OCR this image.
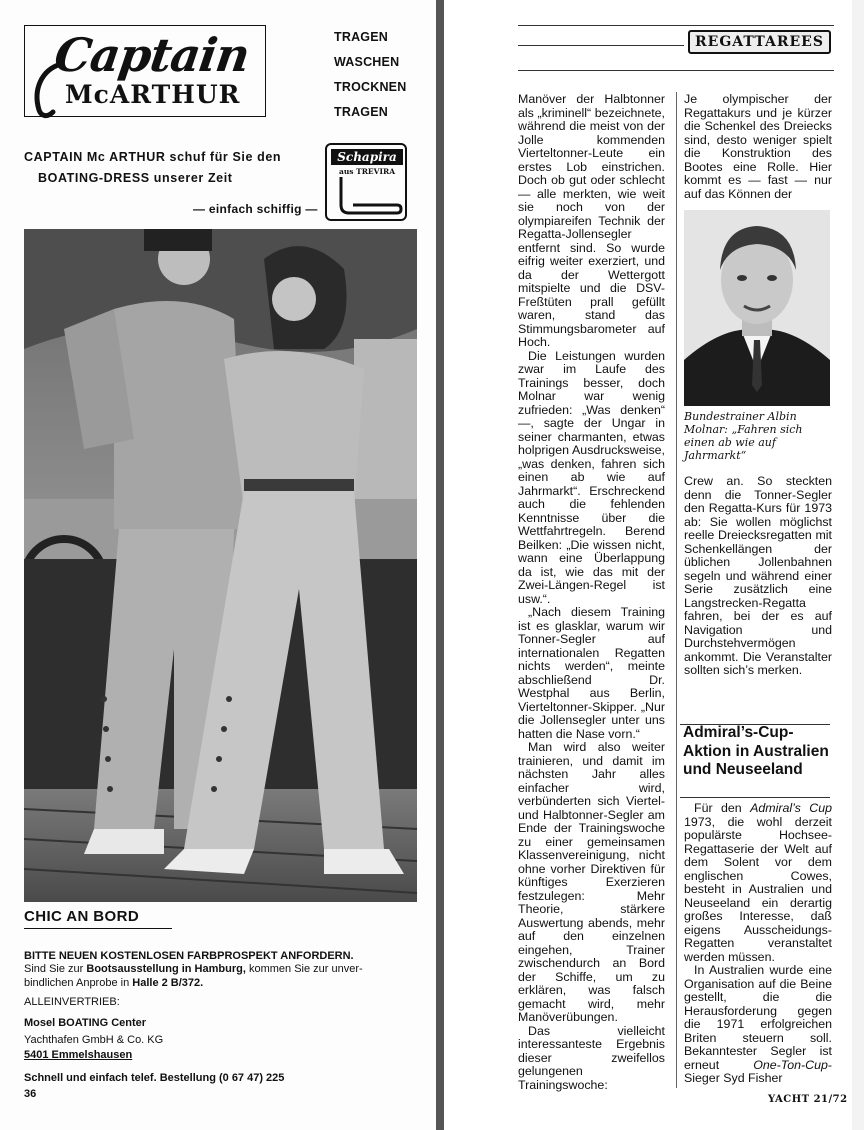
Captain
McARTHUR
TRAGEN
WASCHEN
TROCKNEN
TRAGEN
CAPTAIN Mc ARTHUR schuf für Sie den
BOATING-DRESS unserer Zeit
— einfach schiffig —
Schapira
aus TREVIRA
CHIC AN BORD
BITTE NEUEN KOSTENLOSEN FARBPROSPEKT ANFORDERN.
Sind Sie zur Bootsausstellung in Hamburg, kommen Sie zur unver- bindlichen Anprobe in Halle 2 B/372.
ALLEINVERTRIEB:
Mosel BOATING Center
Yachthafen GmbH & Co. KG
5401 Emmelshausen
Schnell und einfach telef. Bestellung (0 67 47) 225
36
REGATTAREES

Manöver der Halbtonner als „kriminell“ bezeichnete, während die meist von der Jolle kommenden Vierteltonner-Leute ein erstes Lob einstrichen. Doch ob gut oder schlecht — alle merkten, wie weit sie noch von der olympiareifen Technik der Regatta-Jollensegler entfernt sind. So wurde eifrig weiter exerziert, und da der Wettergott mitspielte und die DSV-Freßtüten prall gefüllt waren, stand das Stimmungsbarometer auf Hoch.

Die Leistungen wurden zwar im Laufe des Trainings besser, doch Molnar war wenig zufrieden: „Was denken“ —, sagte der Ungar in seiner charmanten, etwas holprigen Ausdrucksweise, „was denken, fahren sich einen ab wie auf Jahrmarkt“. Erschreckend auch die fehlenden Kenntnisse über die Wettfahrtregeln. Berend Beilken: „Die wissen nicht, wann eine Überlappung da ist, wie das mit der Zwei-Längen-Regel ist usw.“.

„Nach diesem Training ist es glasklar, warum wir Tonner-Segler auf internationalen Regatten nichts werden“, meinte abschließend Dr. Westphal aus Berlin, Vierteltonner-Skipper. „Nur die Jollensegler unter uns hatten die Nase vorn.“

Man wird also weiter trainieren, und damit im nächsten Jahr alles einfacher wird, verbünderten sich Viertel- und Halbtonner-Segler am Ende der Trainingswoche zu einer gemeinsamen Klassenvereinigung, nicht ohne vorher Direktiven für künftiges Exerzieren festzulegen: Mehr Theorie, stärkere Auswertung abends, mehr auf den einzelnen eingehen, Trainer zwischendurch an Bord der Schiffe, um zu erklären, was falsch gemacht wird, mehr Manöverübungen.

Das vielleicht interessanteste Ergebnis dieser zweifellos gelungenen Trainingswoche:

Je olympischer der Regattakurs und je kürzer die Schenkel des Dreiecks sind, desto weniger spielt die Konstruktion des Bootes eine Rolle. Hier kommt es — fast — nur auf das Können der

Bundestrainer Albin Molnar: „Fahren sich einen ab wie auf Jahrmarkt“

Crew an. So steckten denn die Tonner-Segler den Regatta-Kurs für 1973 ab: Sie wollen möglichst reelle Dreiecksregatten mit Schenkellängen der üblichen Jollenbahnen segeln und während einer Serie zusätzlich eine Langstrecken-Regatta fahren, bei der es auf Navigation und Durchstehvermögen ankommt. Die Veranstalter sollten sich’s merken.

Admiral’s-Cup-Aktion in Australien und Neuseeland

Für den Admiral’s Cup 1973, die wohl derzeit populärste Hochsee-Regattaserie der Welt auf dem Solent vor dem englischen Cowes, besteht in Australien und Neuseeland ein derartig großes Interesse, daß eigens Ausscheidungs-Regatten veranstaltet werden müssen.

In Australien wurde eine Organisation auf die Beine gestellt, die die Herausforderung gegen die 1971 erfolgreichen Briten steuern soll. Bekanntester Segler ist erneut	One-Ton-Cup-Sieger Syd Fisher

YACHT 21/72
